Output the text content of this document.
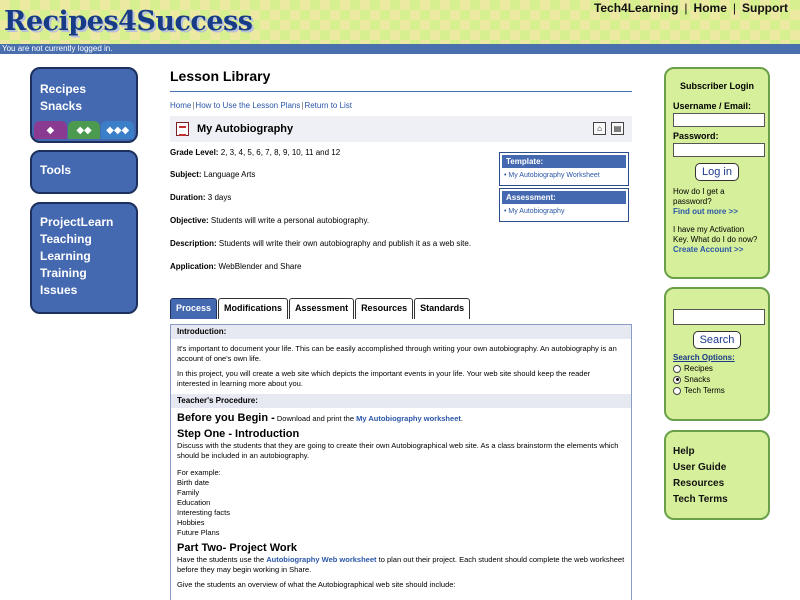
Recipes4Success	Tech4Learning | Home | Support
You are not currently logged in.
Recipes
Snacks
◆	◆◆	◆◆◆
Tools
ProjectLearn
Teaching
Learning
Training
Issues
Lesson Library
Home|How to Use the Lesson Plans|Return to List
My Autobiography	⌂	▤
Grade Level: 2, 3, 4, 5, 6, 7, 8, 9, 10, 11 and 12
Subject: Language Arts
Duration: 3 days
Objective: Students will write a personal autobiography.
Description: Students will write their own autobiography and publish it as a web site.
Application: WebBlender and Share
Template:
• My Autobiography Worksheet
Assessment:
• My Autobiography
Process	Modifications	Assessment	Resources	Standards
Introduction:

It's important to document your life. This can be easily accomplished through writing your own autobiography. An autobiography is an account of one's own life.

In this project, you will create a web site which depicts the important events in your life. Your web site should keep the reader interested in learning more about you.

Teacher's Procedure:
Before you Begin - Download and print the My Autobiography worksheet.
Step One - Introduction
Discuss with the students that they are going to create their own Autobiographical web site. As a class brainstorm the elements which should be included in an autobiography.
For example:
Birth date
Family
Education
Interesting facts
Hobbies
Future Plans
Part Two- Project Work
Have the students use the Autobiography Web worksheet to plan out their project. Each student should complete the web worksheet before they may begin working in Share.

Give the students an overview of what the Autobiographical web site should include:

Subscriber Login
Username / Email:
Password:
Log in
How do I get a password?
Find out more >>
I have my Activation Key. What do I do now?
Create Account >>
Search
Search Options:
Recipes
Snacks
Tech Terms
Help
User Guide
Resources
Tech Terms
